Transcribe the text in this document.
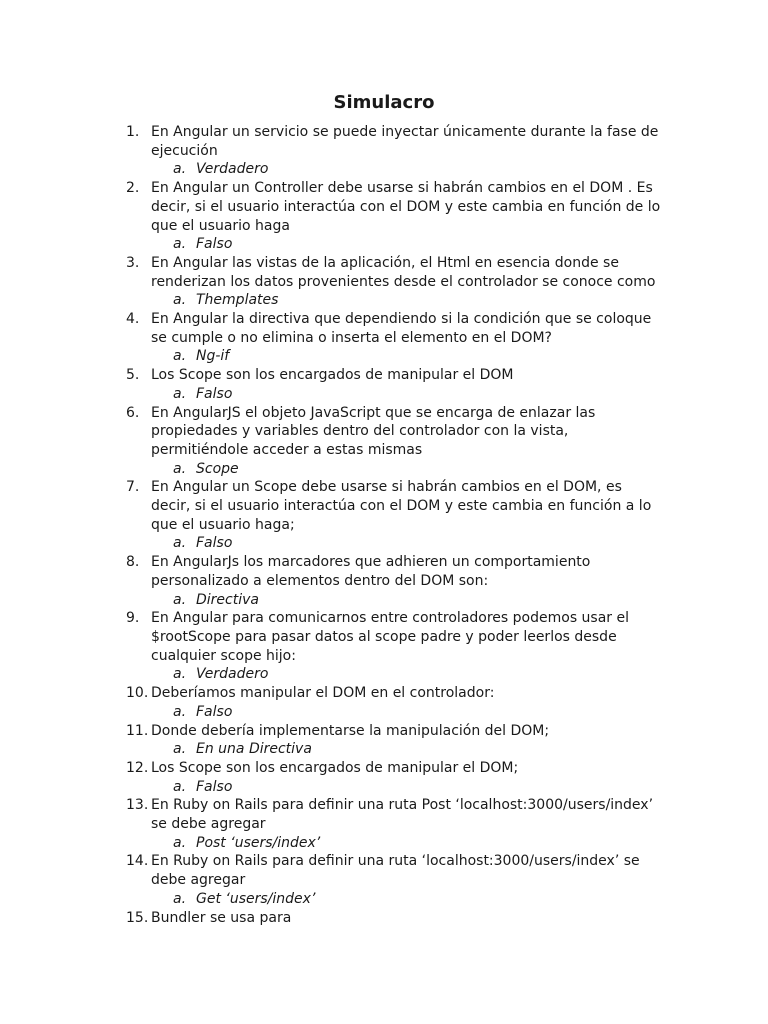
Simulacro
1. En Angular un servicio se puede inyectar únicamente durante la fase de ejecución
a. Verdadero
2. En Angular un Controller debe usarse si habrán cambios en el DOM . Es decir, si el usuario interactúa con el DOM y este cambia en función de lo que el usuario haga
a. Falso
3. En Angular las vistas de la aplicación, el Html en esencia donde se renderizan los datos provenientes desde el controlador se conoce como
a. Themplates
4. En Angular la directiva que dependiendo si la condición que se coloque se cumple o no elimina o inserta el elemento en el DOM?
a. Ng-if
5. Los Scope son los encargados de manipular el DOM
a. Falso
6. En AngularJS el objeto JavaScript que se encarga de enlazar las propiedades y variables dentro del controlador con la vista, permitiéndole acceder a estas mismas
a. Scope
7. En Angular un Scope debe usarse si habrán cambios en el DOM, es decir, si el usuario interactúa con el DOM y este cambia en función a lo que el usuario haga;
a. Falso
8. En AngularJs los marcadores que adhieren un comportamiento personalizado a elementos dentro del DOM son:
a. Directiva
9. En Angular para comunicarnos entre controladores podemos usar el $rootScope para pasar datos al scope padre y poder leerlos desde cualquier scope hijo:
a. Verdadero
10. Deberíamos manipular el DOM en el controlador:
a. Falso
11. Donde debería implementarse la manipulación del DOM;
a. En una Directiva
12. Los Scope son los encargados de manipular el DOM;
a. Falso
13. En Ruby on Rails para definir una ruta Post ‘localhost:3000/users/index’ se debe agregar
a. Post ‘users/index’
14. En Ruby on Rails para definir una ruta ‘localhost:3000/users/index’ se debe agregar
a. Get ‘users/index’
15. Bundler se usa para
